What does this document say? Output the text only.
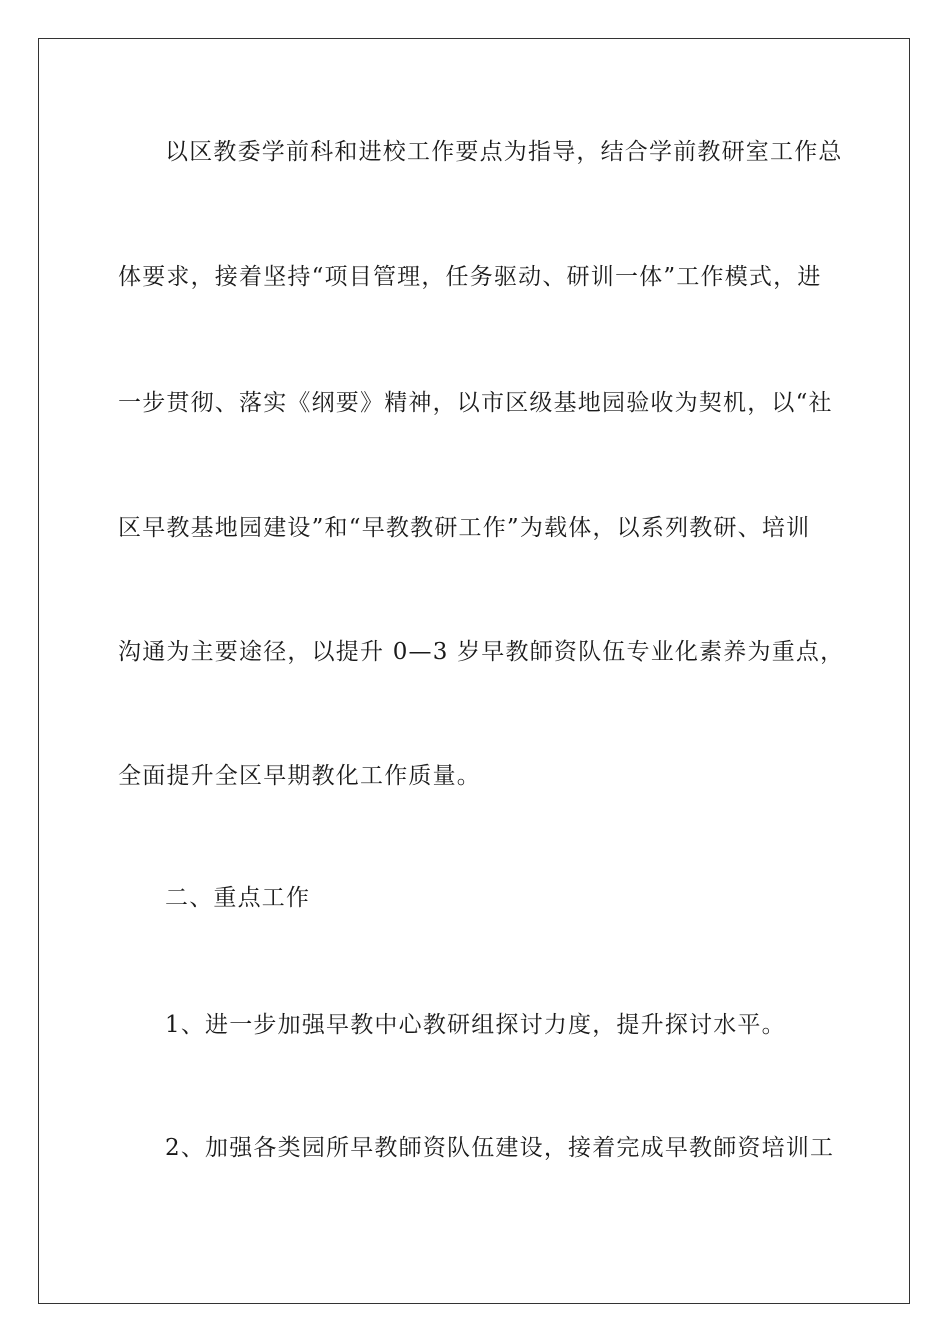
以区教委学前科和进校工作要点为指导，结合学前教研室工作总
体要求，接着坚持“项目管理，任务驱动、研训一体”工作模式，进
一步贯彻、落实《纲要》精神，以市区级基地园验收为契机，以“社
区早教基地园建设”和“早教教研工作”为载体，以系列教研、培训
沟通为主要途径，以提升 0—3 岁早教師资队伍专业化素养为重点，
全面提升全区早期教化工作质量。
二、重点工作
1、进一步加强早教中心教研组探讨力度，提升探讨水平。
2、加强各类园所早教師资队伍建设，接着完成早教師资培训工
